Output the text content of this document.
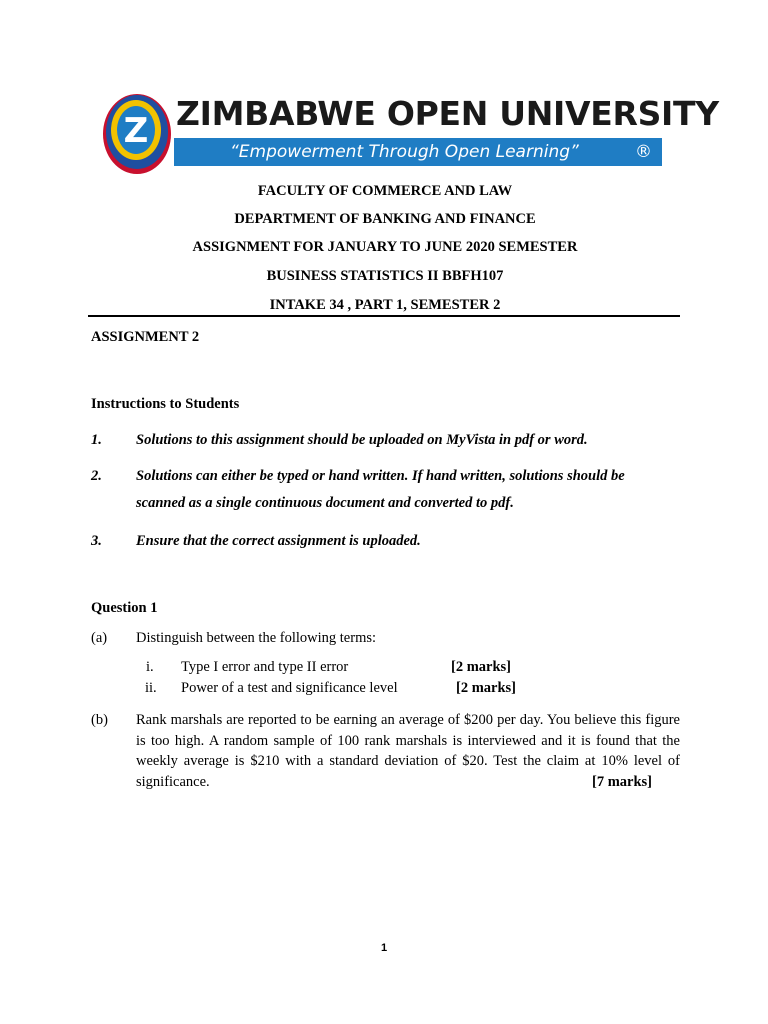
Z ZIMBABWE OPEN UNIVERSITY
“Empowerment Through Open Learning”	®
FACULTY OF COMMERCE AND LAW
DEPARTMENT OF BANKING AND FINANCE
ASSIGNMENT FOR JANUARY TO JUNE 2020 SEMESTER
BUSINESS STATISTICS II BBFH107
INTAKE 34 , PART 1, SEMESTER 2
ASSIGNMENT 2
Instructions to Students
1. Solutions to this assignment should be uploaded on MyVista in pdf or word.
2. Solutions can either be typed or hand written. If hand written, solutions should be
scanned as a single continuous document and converted to pdf.
3. Ensure that the correct assignment is uploaded.
Question 1
(a) Distinguish between the following terms:
i. Type I error and type II error	[2 marks]
ii. Power of a test and significance level	[2 marks]
(b) Rank marshals are reported to be earning an average of $200 per day. You believe this figure is too high. A random sample of 100 rank marshals is interviewed and it is found that the weekly average is $210 with a standard deviation of $20. Test the claim at 10% level of significance.	[7 marks]
1
